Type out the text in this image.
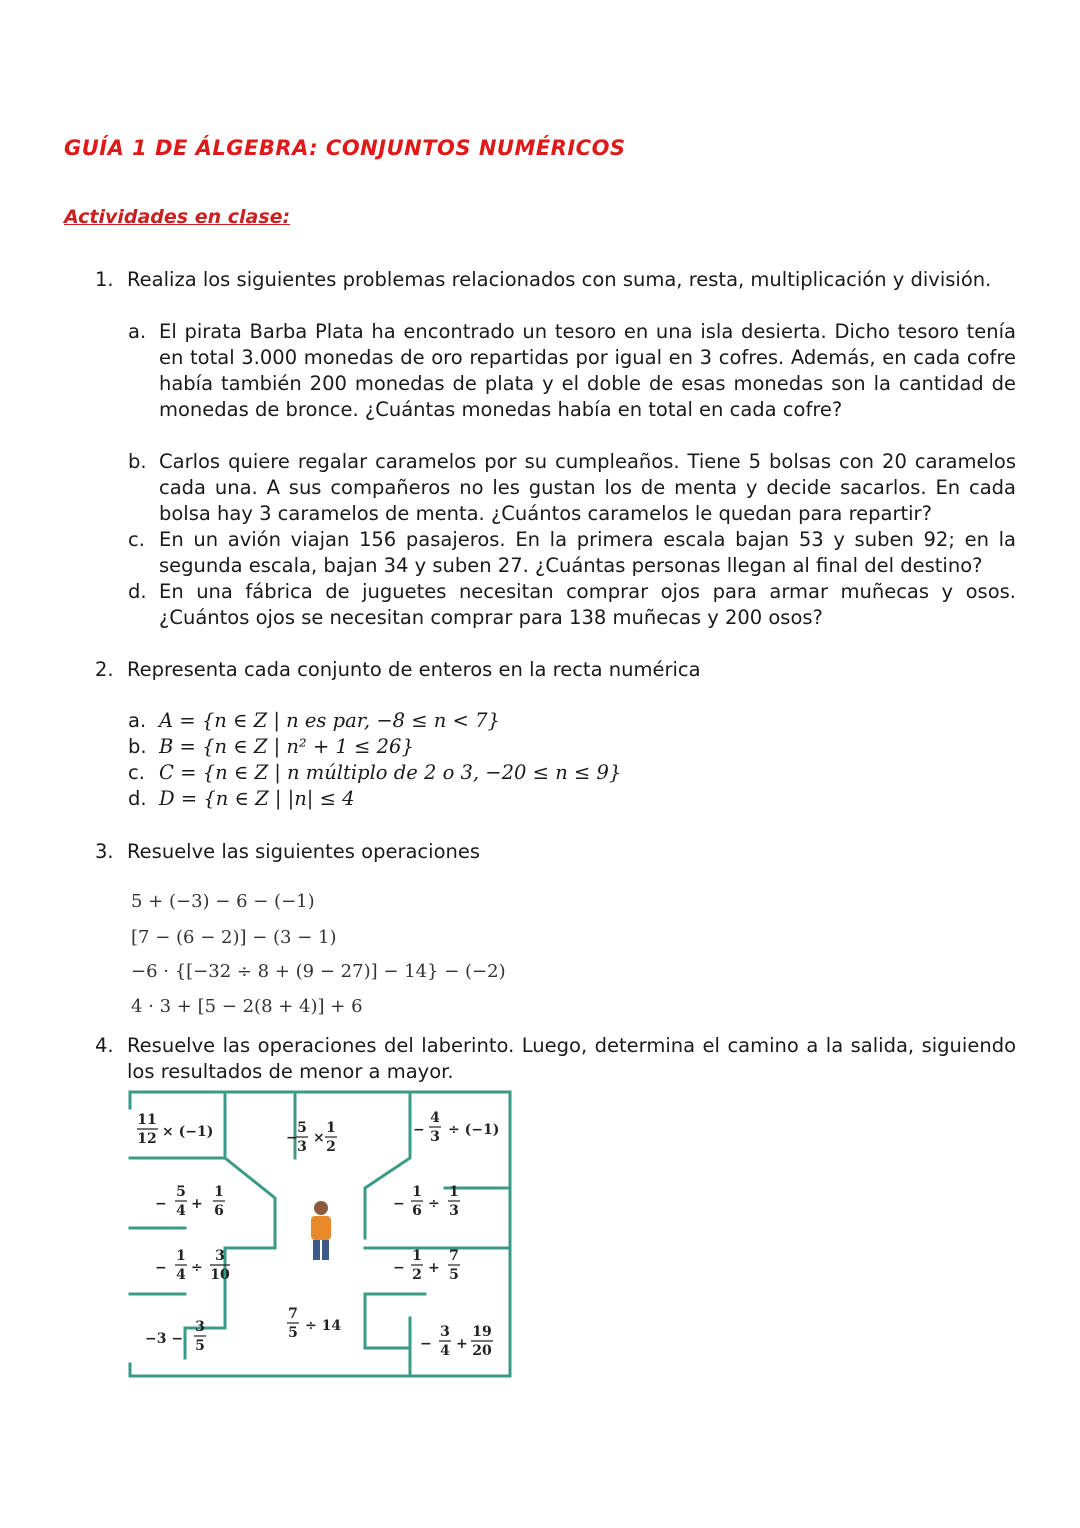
GUÍA 1 DE ÁLGEBRA: CONJUNTOS NUMÉRICOS
Actividades en clase:
1. Realiza los siguientes problemas relacionados con suma, resta, multiplicación y división.
a. El pirata Barba Plata ha encontrado un tesoro en una isla desierta. Dicho tesoro tenía en total 3.000 monedas de oro repartidas por igual en 3 cofres. Además, en cada cofre había también 200 monedas de plata y el doble de esas monedas son la cantidad de monedas de bronce. ¿Cuántas monedas había en total en cada cofre?
b. Carlos quiere regalar caramelos por su cumpleaños. Tiene 5 bolsas con 20 caramelos cada una. A sus compañeros no les gustan los de menta y decide sacarlos. En cada bolsa hay 3 caramelos de menta. ¿Cuántos caramelos le quedan para repartir?
c. En un avión viajan 156 pasajeros. En la primera escala bajan 53 y suben 92; en la segunda escala, bajan 34 y suben 27. ¿Cuántas personas llegan al final del destino?
d. En una fábrica de juguetes necesitan comprar ojos para armar muñecas y osos. ¿Cuántos ojos se necesitan comprar para 138 muñecas y 200 osos?
2. Representa cada conjunto de enteros en la recta numérica
a. A = {n ∈ Z | n es par, −8 ≤ n < 7}
b. B = {n ∈ Z | n² + 1 ≤ 26}
c. C = {n ∈ Z | n múltiplo de 2 o 3, −20 ≤ n ≤ 9}
d. D = {n ∈ Z | |n| ≤ 4
3. Resuelve las siguientes operaciones
5 + (−3) − 6 − (−1)
[7 − (6 − 2)] − (3 − 1)
−6 · {[−32 ÷ 8 + (9 − 27)] − 14} − (−2)
4 · 3 + [5 − 2(8 + 4)] + 6
4. Resuelve las operaciones del laberinto. Luego, determina el camino a la salida, siguiendo los resultados de menor a mayor.
11
12 × (−1)	−
5
3
×
1
2
−
4
3 ÷ (−1)
−
5
4 +
1
6	−
1
6 ÷
1
3
−
1
4 ÷
3
10	−
1
2 +
7
5
−3 −
3
5
7
5 ÷ 14
−
3
4 +
19
20
